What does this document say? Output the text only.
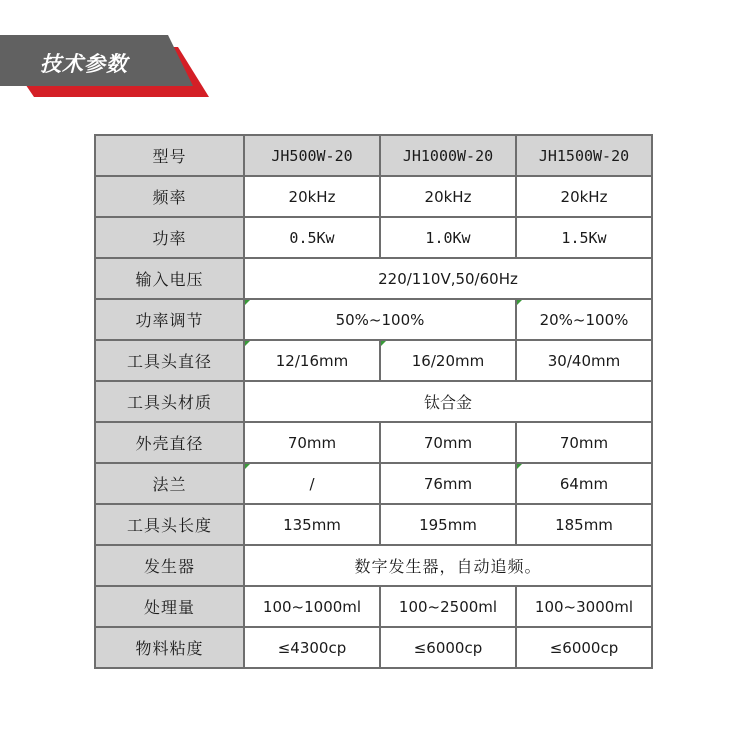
技术参数
型号	JH500W-20	JH1000W-20	JH1500W-20
频率	20kHz	20kHz	20kHz
功率	0.5Kw	1.0Kw	1.5Kw
输入电压	220/110V,50/60Hz		
功率调节	50%~100%		20%~100%
工具头直径	12/16mm	16/20mm	30/40mm
工具头材质	钛合金		
外壳直径	70mm	70mm	70mm
法兰	/	76mm	64mm
工具头长度	135mm	195mm	185mm
发生器	数字发生器，自动追频。		
处理量	100~1000ml	100~2500ml	100~3000ml
物料粘度	≤4300cp	≤6000cp	≤6000cp
